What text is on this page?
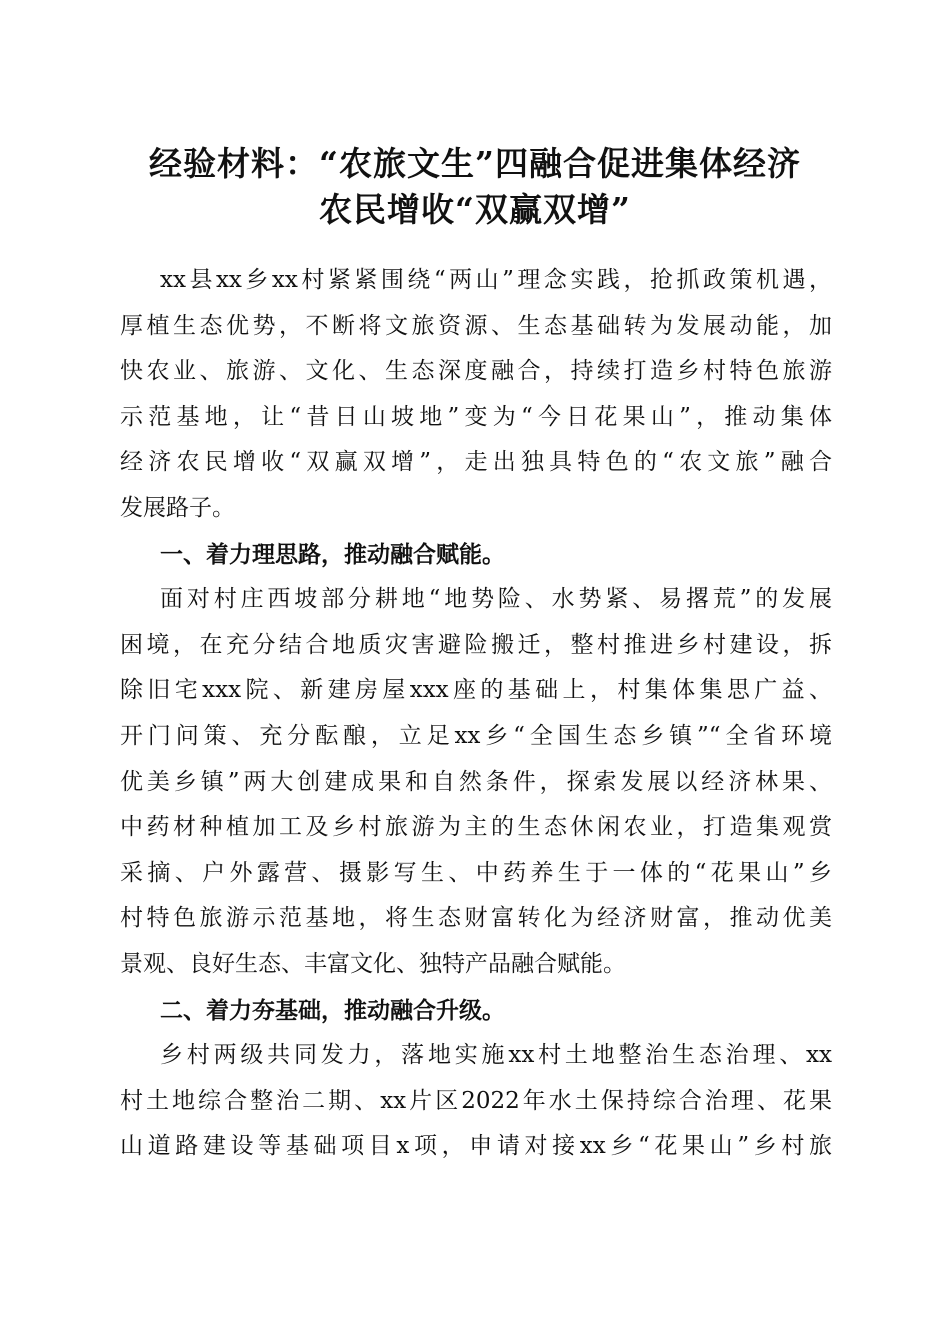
经验材料：“农旅文生”四融合促进集体经济
农民增收“双赢双增”
xx县xx乡xx村紧紧围绕“两山”理念实践，抢抓政策机遇，
厚植生态优势，不断将文旅资源、生态基础转为发展动能，加
快农业、旅游、文化、生态深度融合，持续打造乡村特色旅游
示范基地，让“昔日山坡地”变为“今日花果山”，推动集体
经济农民增收“双赢双增”，走出独具特色的“农文旅”融合
发展路子。
一、着力理思路，推动融合赋能。
面对村庄西坡部分耕地“地势险、水势紧、易撂荒”的发展
困境，在充分结合地质灾害避险搬迁，整村推进乡村建设，拆
除旧宅xxx院、新建房屋xxx座的基础上，村集体集思广益、
开门问策、充分酝酿，立足xx乡“全国生态乡镇”“全省环境
优美乡镇”两大创建成果和自然条件，探索发展以经济林果、
中药材种植加工及乡村旅游为主的生态休闲农业，打造集观赏
采摘、户外露营、摄影写生、中药养生于一体的“花果山”乡
村特色旅游示范基地，将生态财富转化为经济财富，推动优美
景观、良好生态、丰富文化、独特产品融合赋能。
二、着力夯基础，推动融合升级。
乡村两级共同发力，落地实施xx村土地整治生态治理、xx
村土地综合整治二期、xx片区2022年水土保持综合治理、花果
山道路建设等基础项目x项，申请对接xx乡“花果山”乡村旅
